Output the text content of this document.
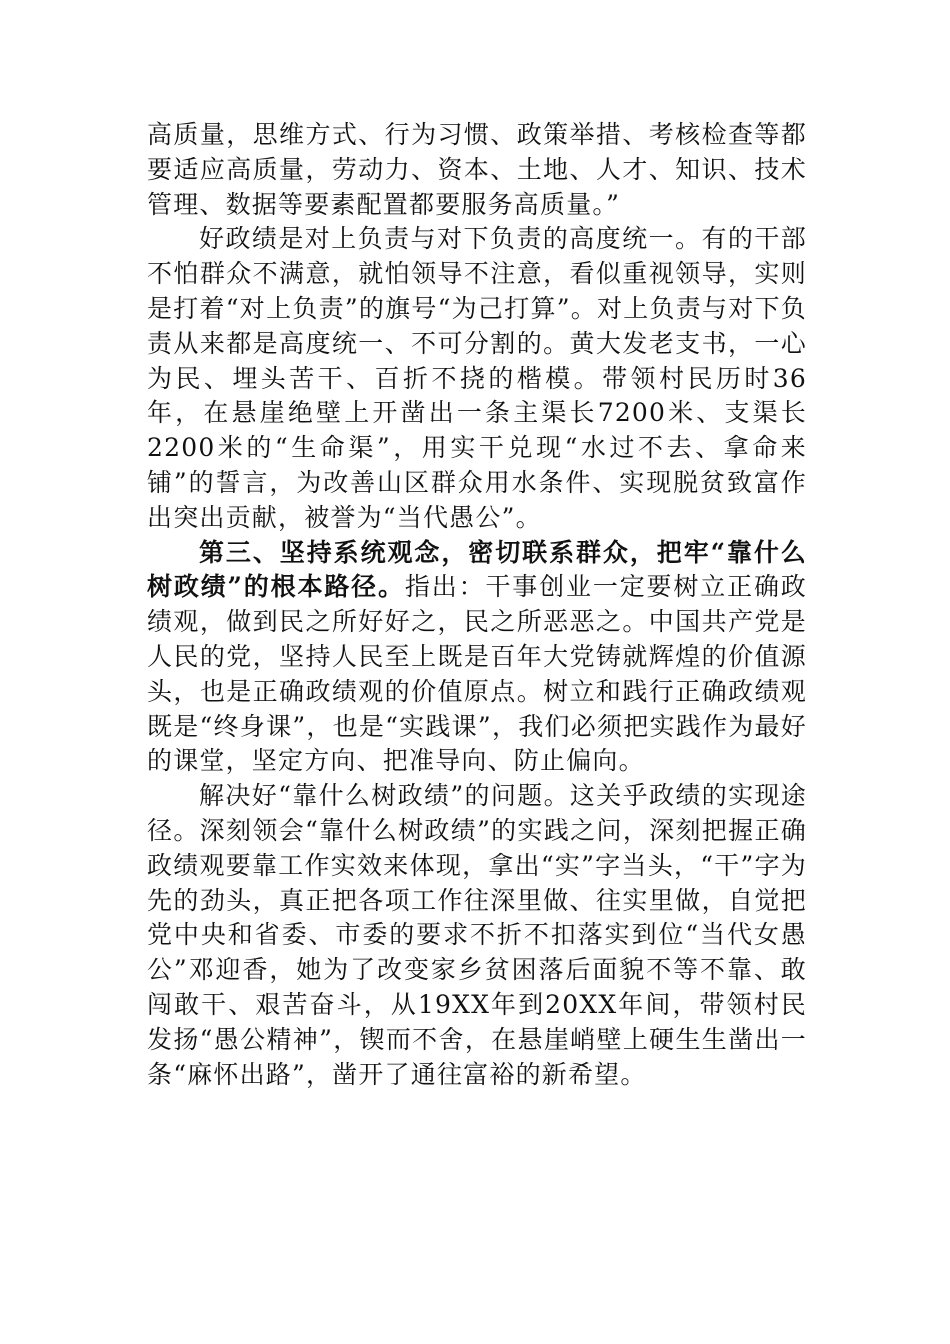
高质量，思维方式、行为习惯、政策举措、考核检查等都要适应高质量，劳动力、资本、土地、人才、知识、技术管理、数据等要素配置都要服务高质量。”

好政绩是对上负责与对下负责的高度统一。有的干部不怕群众不满意，就怕领导不注意，看似重视领导，实则是打着“对上负责”的旗号“为己打算”。对上负责与对下负责从来都是高度统一、不可分割的。黄大发老支书，一心为民、埋头苦干、百折不挠的楷模。带领村民历时36年，在悬崖绝壁上开凿出一条主渠长7200米、支渠长2200米的“生命渠”，用实干兑现“水过不去、拿命来铺”的誓言，为改善山区群众用水条件、实现脱贫致富作出突出贡献，被誉为“当代愚公”。

第三、坚持系统观念，密切联系群众，把牢“靠什么树政绩”的根本路径。指出：干事创业一定要树立正确政绩观，做到民之所好好之，民之所恶恶之。中国共产党是人民的党，坚持人民至上既是百年大党铸就辉煌的价值源头，也是正确政绩观的价值原点。树立和践行正确政绩观既是“终身课”，也是“实践课”，我们必须把实践作为最好的课堂，坚定方向、把准导向、防止偏向。

解决好“靠什么树政绩”的问题。这关乎政绩的实现途径。深刻领会“靠什么树政绩”的实践之问，深刻把握正确政绩观要靠工作实效来体现，拿出“实”字当头，“干”字为先的劲头，真正把各项工作往深里做、往实里做，自觉把党中央和省委、市委的要求不折不扣落实到位“当代女愚公”邓迎香，她为了改变家乡贫困落后面貌不等不靠、敢闯敢干、艰苦奋斗，从19XX年到20XX年间，带领村民发扬“愚公精神”，锲而不舍，在悬崖峭壁上硬生生凿出一条“麻怀出路”，凿开了通往富裕的新希望。
